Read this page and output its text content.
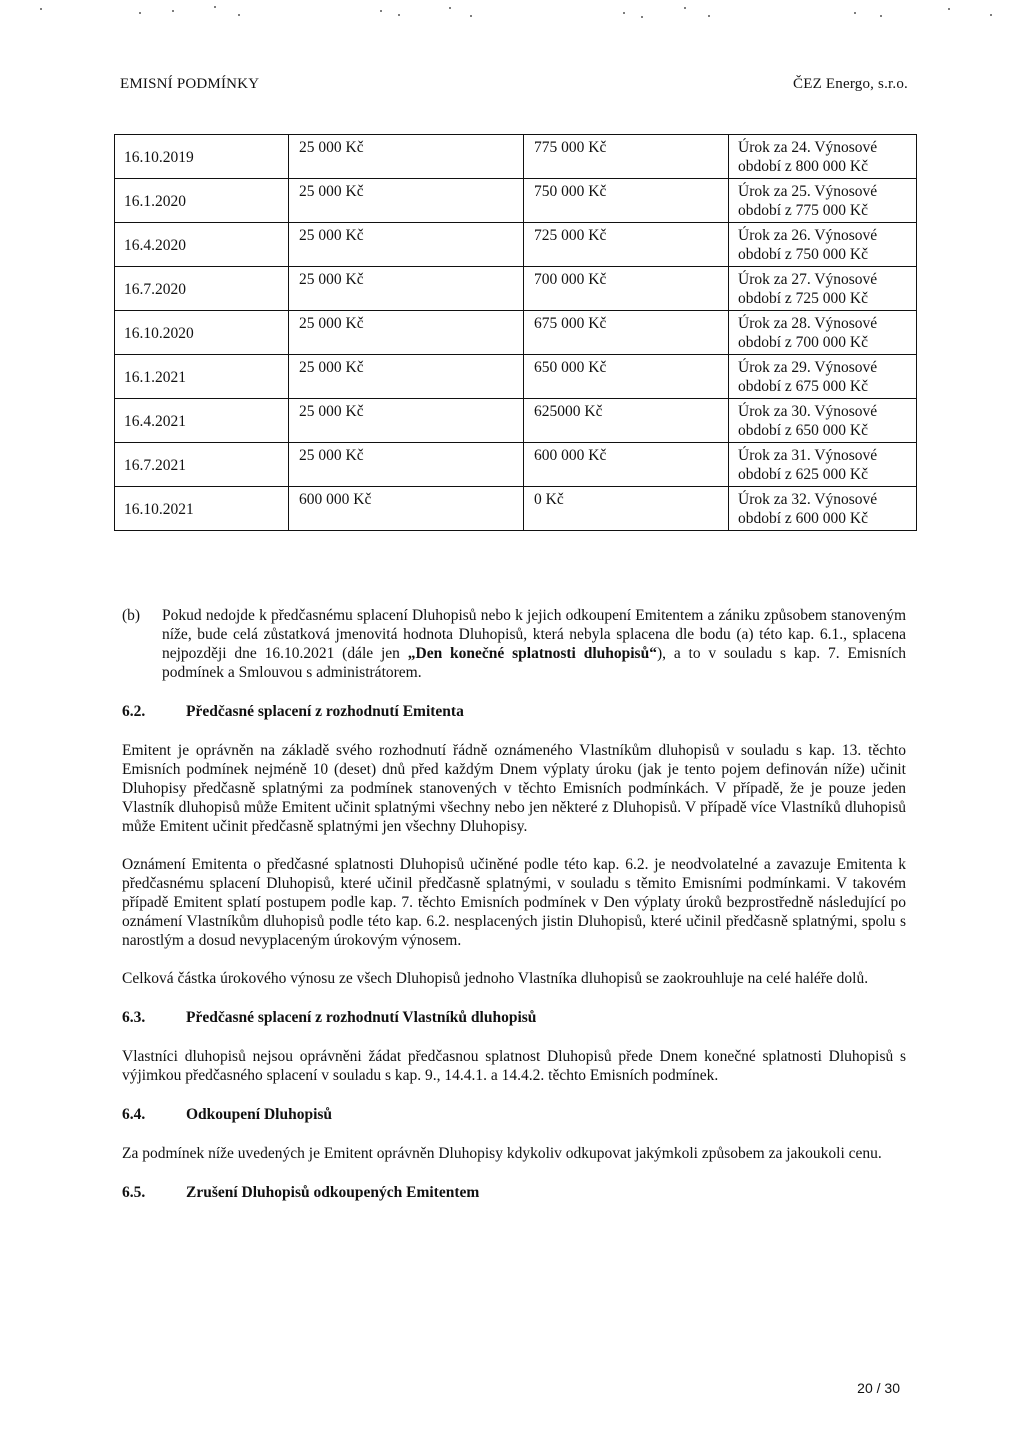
EMISNÍ PODMÍNKY	ČEZ Energo, s.r.o.
16.10.2019	25 000 Kč	775 000 Kč	Úrok za 24. Výnosové
období z 800 000 Kč

16.1.2020	25 000 Kč	750 000 Kč	Úrok za 25. Výnosové
období z 775 000 Kč

16.4.2020	25 000 Kč	725 000 Kč	Úrok za 26. Výnosové
období z 750 000 Kč

16.7.2020	25 000 Kč	700 000 Kč	Úrok za 27. Výnosové
období z 725 000 Kč

16.10.2020	25 000 Kč	675 000 Kč	Úrok za 28. Výnosové
období z 700 000 Kč

16.1.2021	25 000 Kč	650 000 Kč	Úrok za 29. Výnosové
období z 675 000 Kč

16.4.2021	25 000 Kč	625000 Kč	Úrok za 30. Výnosové
období z 650 000 Kč

16.7.2021	25 000 Kč	600 000 Kč	Úrok za 31. Výnosové
období z 625 000 Kč

16.10.2021	600 000 Kč	0 Kč	Úrok za 32. Výnosové
období z 600 000 Kč
(b) Pokud nedojde k předčasnému splacení Dluhopisů nebo k jejich odkoupení Emitentem a zániku způsobem stanoveným níže, bude celá zůstatková jmenovitá hodnota Dluhopisů, která nebyla splacena dle bodu (a) této kap. 6.1., splacena nejpozději dne 16.10.2021 (dále jen „Den konečné splatnosti dluhopisů“), a to v souladu s kap. 7. Emisních podmínek a Smlouvou s administrátorem.

6.2.	Předčasné splacení z rozhodnutí Emitenta

Emitent je oprávněn na základě svého rozhodnutí řádně oznámeného Vlastníkům dluhopisů v souladu s kap. 13. těchto Emisních podmínek nejméně 10 (deset) dnů před každým Dnem výplaty úroku (jak je tento pojem definován níže) učinit Dluhopisy předčasně splatnými za podmínek stanovených v těchto Emisních podmínkách. V případě, že je pouze jeden Vlastník dluhopisů může Emitent učinit splatnými všechny nebo jen některé z Dluhopisů. V případě více Vlastníků dluhopisů může Emitent učinit předčasně splatnými jen všechny Dluhopisy.

Oznámení Emitenta o předčasné splatnosti Dluhopisů učiněné podle této kap. 6.2. je neodvolatelné a zavazuje Emitenta k předčasnému splacení Dluhopisů, které učinil předčasně splatnými, v souladu s těmito Emisními podmínkami. V takovém případě Emitent splatí postupem podle kap. 7. těchto Emisních podmínek v Den výplaty úroků bezprostředně následující po oznámení Vlastníkům dluhopisů podle této kap. 6.2. nesplacených jistin Dluhopisů, které učinil předčasně splatnými, spolu s narostlým a dosud nevyplaceným úrokovým výnosem.

Celková částka úrokového výnosu ze všech Dluhopisů jednoho Vlastníka dluhopisů se zaokrouhluje na celé haléře dolů.

6.3.	Předčasné splacení z rozhodnutí Vlastníků dluhopisů

Vlastníci dluhopisů nejsou oprávněni žádat předčasnou splatnost Dluhopisů přede Dnem konečné splatnosti Dluhopisů s výjimkou předčasného splacení v souladu s kap. 9., 14.4.1. a 14.4.2. těchto Emisních podmínek.

6.4.	Odkoupení Dluhopisů

Za podmínek níže uvedených je Emitent oprávněn Dluhopisy kdykoliv odkupovat jakýmkoli způsobem za jakoukoli cenu.

6.5.	Zrušení Dluhopisů odkoupených Emitentem
20 / 30
